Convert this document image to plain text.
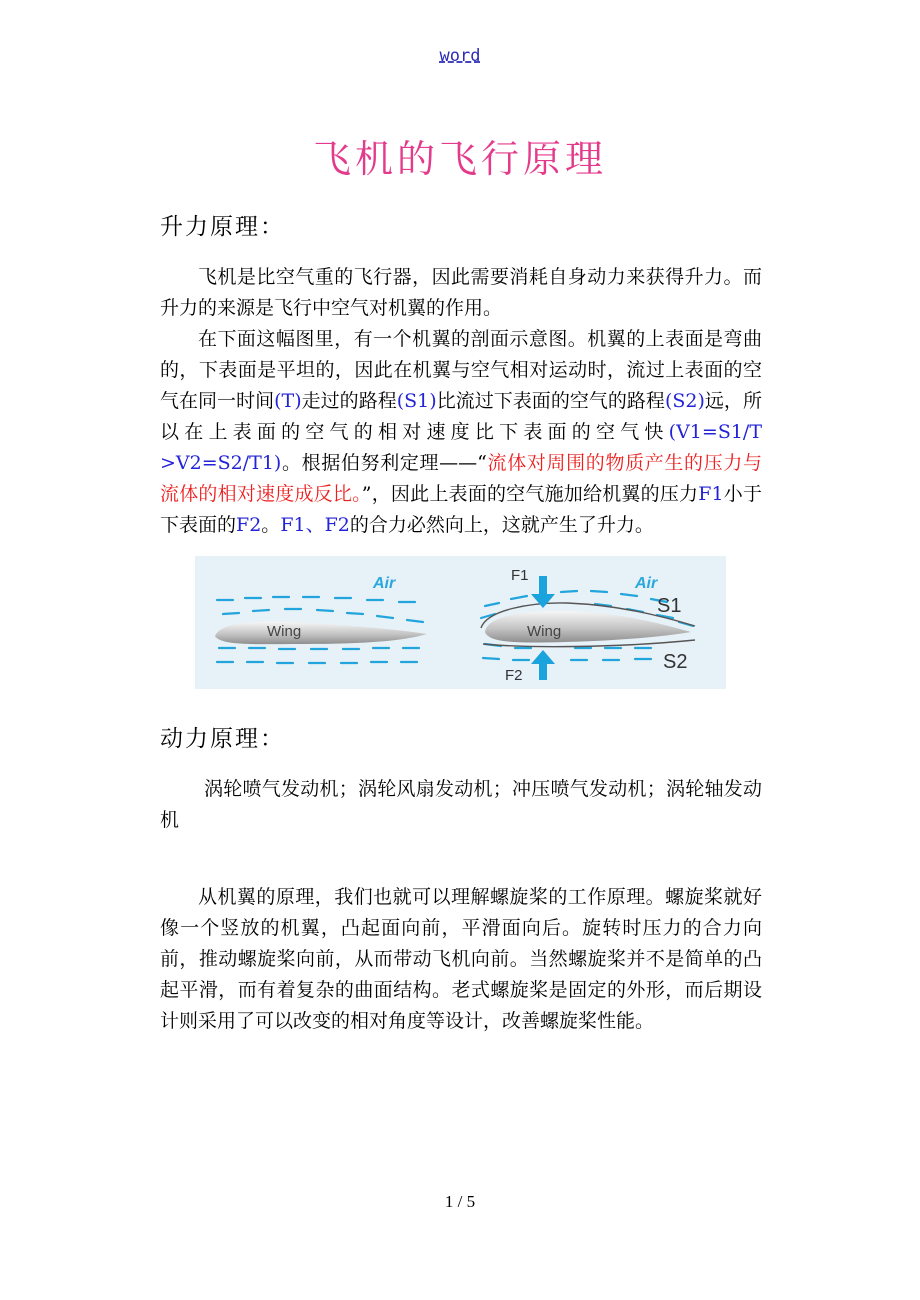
word
飞机的飞行原理
升力原理：

飞机是比空气重的飞行器，因此需要消耗自身动力来获得升力。而升力的来源是飞行中空气对机翼的作用。

在下面这幅图里，有一个机翼的剖面示意图。机翼的上表面是弯曲的，下表面是平坦的，因此在机翼与空气相对运动时，流过上表面的空气在同一时间(T)走过的路程(S1)比流过下表面的空气的路程(S2)远，所以在上表面的空气的相对速度比下表面的空气快(V1=S1/T >V2=S2/T1)。根据伯努利定理——“流体对周围的物质产生的压力与流体的相对速度成反比。”，因此上表面的空气施加给机翼的压力F1小于下表面的F2。F1、F2的合力必然向上，这就产生了升力。

Wing
Air
Wing
Air
F1
F2
S1
S2
动力原理：

涡轮喷气发动机；涡轮风扇发动机；冲压喷气发动机；涡轮轴发动机

从机翼的原理，我们也就可以理解螺旋桨的工作原理。螺旋桨就好像一个竖放的机翼，凸起面向前，平滑面向后。旋转时压力的合力向前，推动螺旋桨向前，从而带动飞机向前。当然螺旋桨并不是简单的凸起平滑，而有着复杂的曲面结构。老式螺旋桨是固定的外形，而后期设计则采用了可以改变的相对角度等设计，改善螺旋桨性能。

1 / 5
